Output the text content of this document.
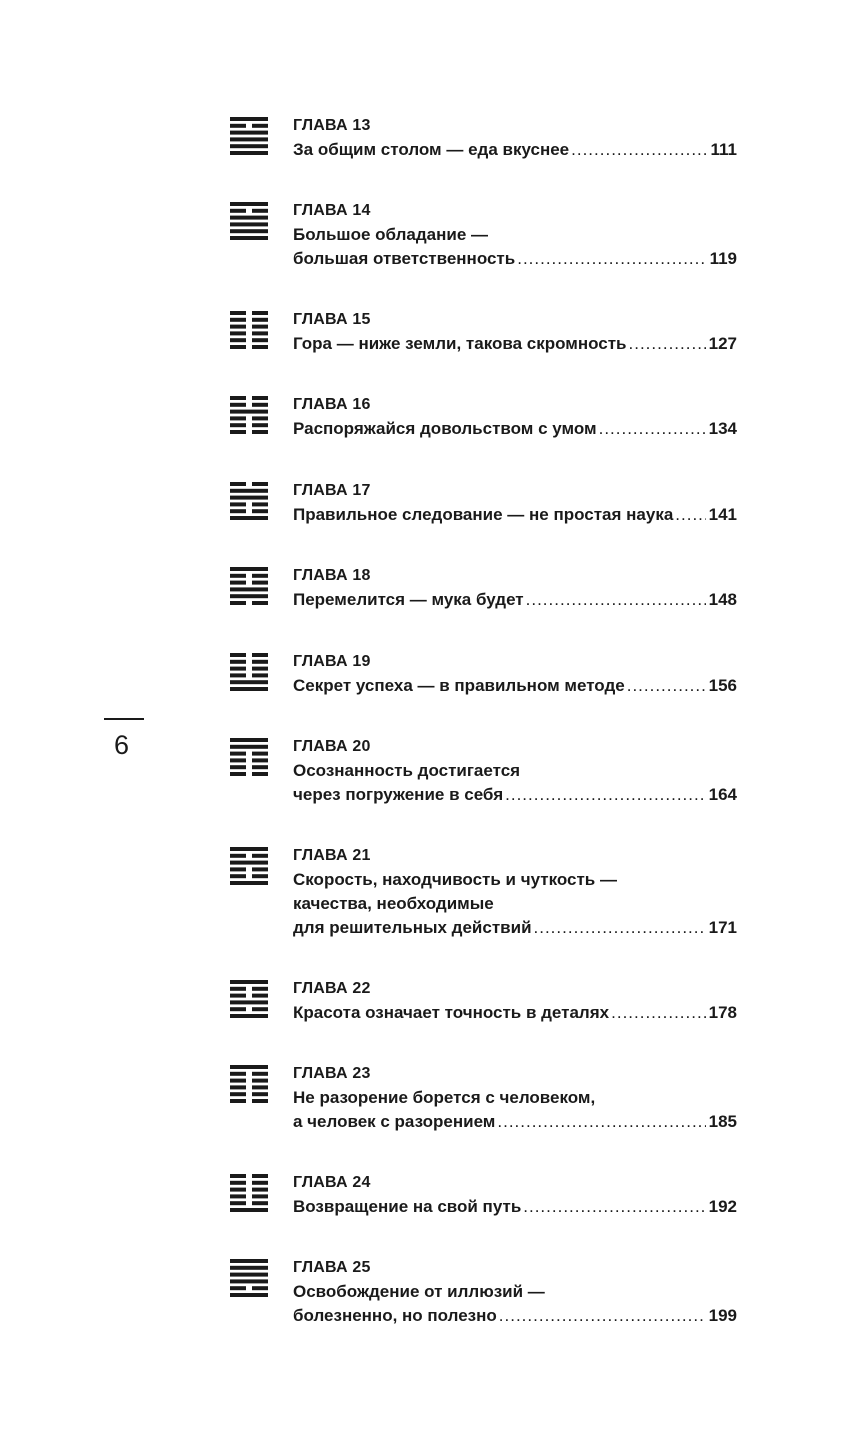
6
ГЛАВА 13
За общим столом — еда вкуснее .....	111
ГЛАВА 14
Большое обладание —
большая ответственность .....	119
ГЛАВА 15
Гора — ниже земли, такова скромность .....	127
ГЛАВА 16
Распоряжайся довольством с умом .....	134
ГЛАВА 17
Правильное следование — не простая наука ..... 141
ГЛАВА 18
Перемелится — мука будет .....	148
ГЛАВА 19
Секрет успеха — в правильном методе .....	156
ГЛАВА 20
Осознанность достигается
через погружение в себя .....	164
ГЛАВА 21
Скорость, находчивость и чуткость —
качества, необходимые
для решительных действий .....	171
ГЛАВА 22
Красота означает точность в деталях .....	178
ГЛАВА 23
Не разорение борется с человеком,
а человек с разорением .....	185
ГЛАВА 24
Возвращение на свой путь .....	192
ГЛАВА 25
Освобождение от иллюзий —
болезненно, но полезно .....	199
